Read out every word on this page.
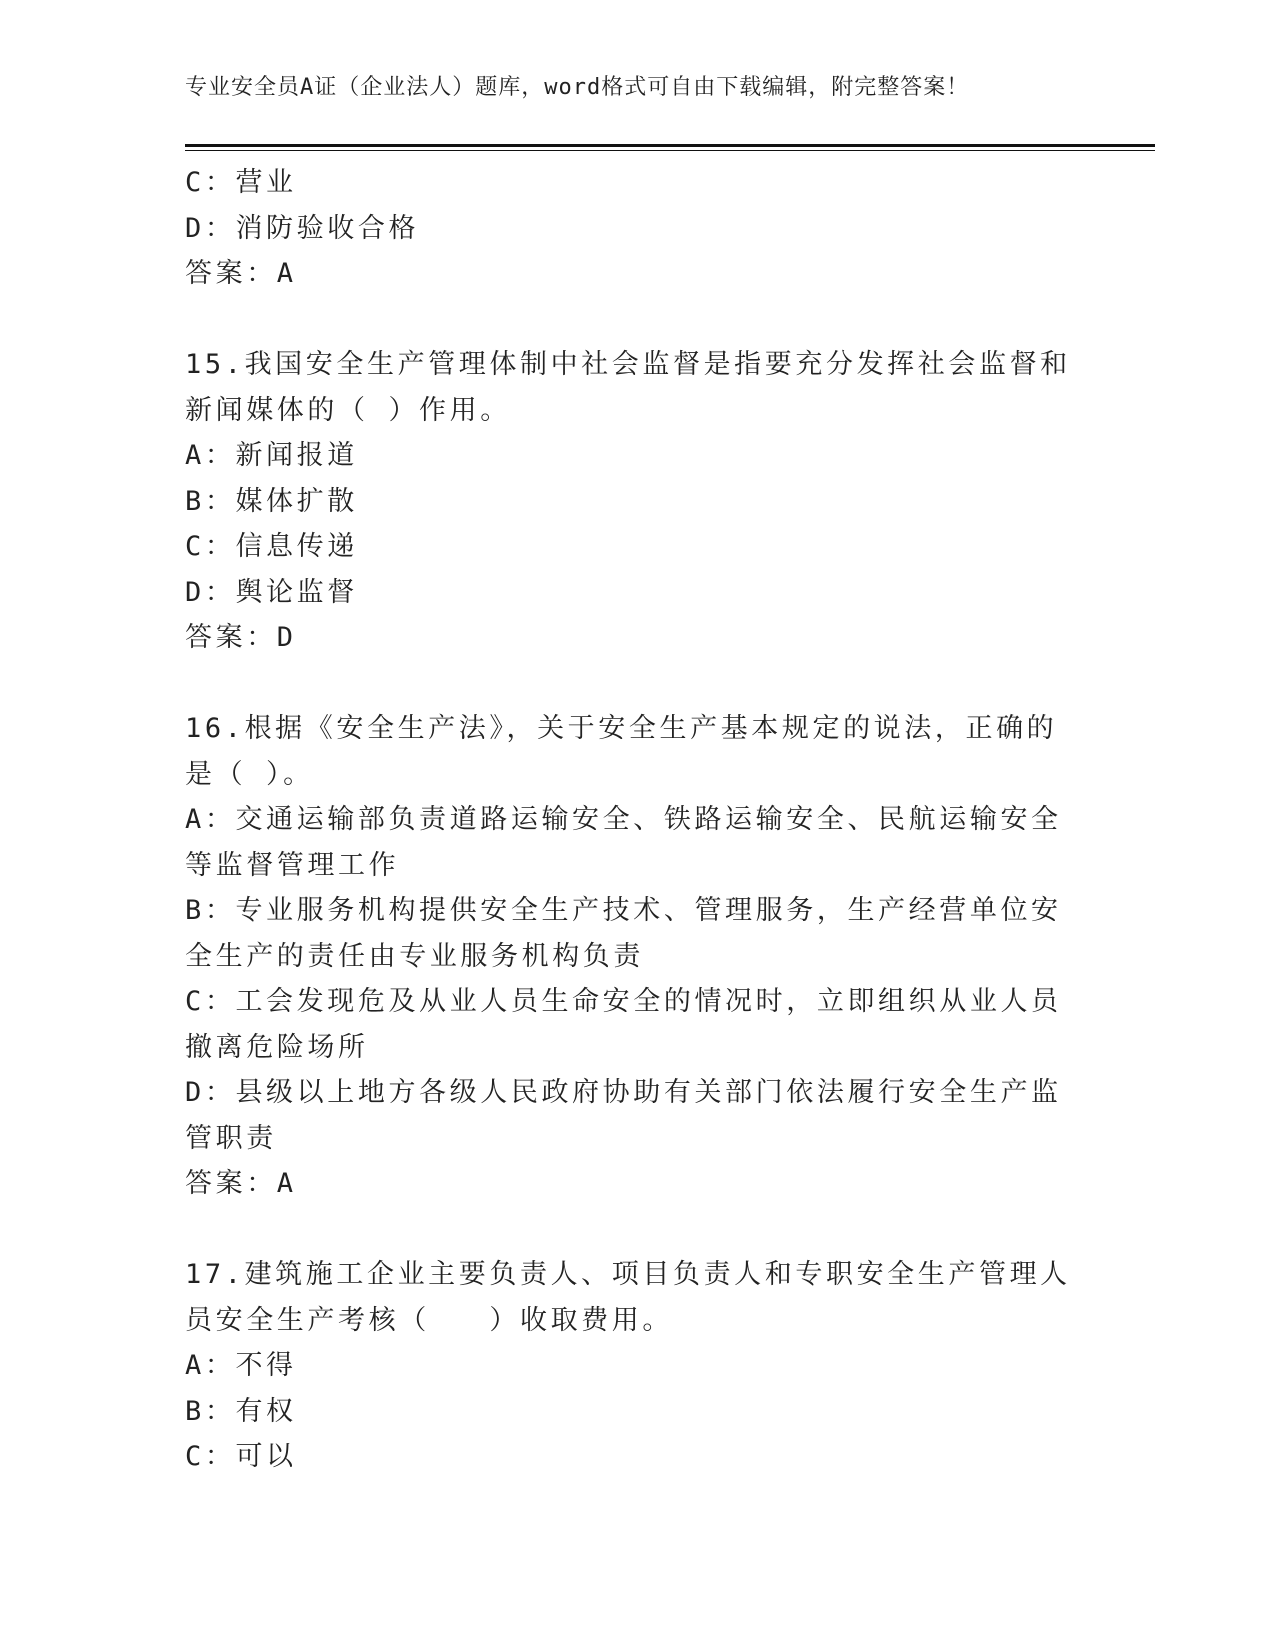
专业安全员A证（企业法人）题库，word格式可自由下载编辑，附完整答案！
C：营业
D：消防验收合格
答案：A
15.我国安全生产管理体制中社会监督是指要充分发挥社会监督和新闻媒体的（ ）作用。
A：新闻报道
B：媒体扩散
C：信息传递
D：舆论监督
答案：D
16.根据《安全生产法》，关于安全生产基本规定的说法，正确的是（ ）。
A：交通运输部负责道路运输安全、铁路运输安全、民航运输安全等监督管理工作
B：专业服务机构提供安全生产技术、管理服务，生产经营单位安全生产的责任由专业服务机构负责
C：工会发现危及从业人员生命安全的情况时，立即组织从业人员撤离危险场所
D：县级以上地方各级人民政府协助有关部门依法履行安全生产监管职责
答案：A
17.建筑施工企业主要负责人、项目负责人和专职安全生产管理人员安全生产考核（   ）收取费用。
A：不得
B：有权
C：可以
